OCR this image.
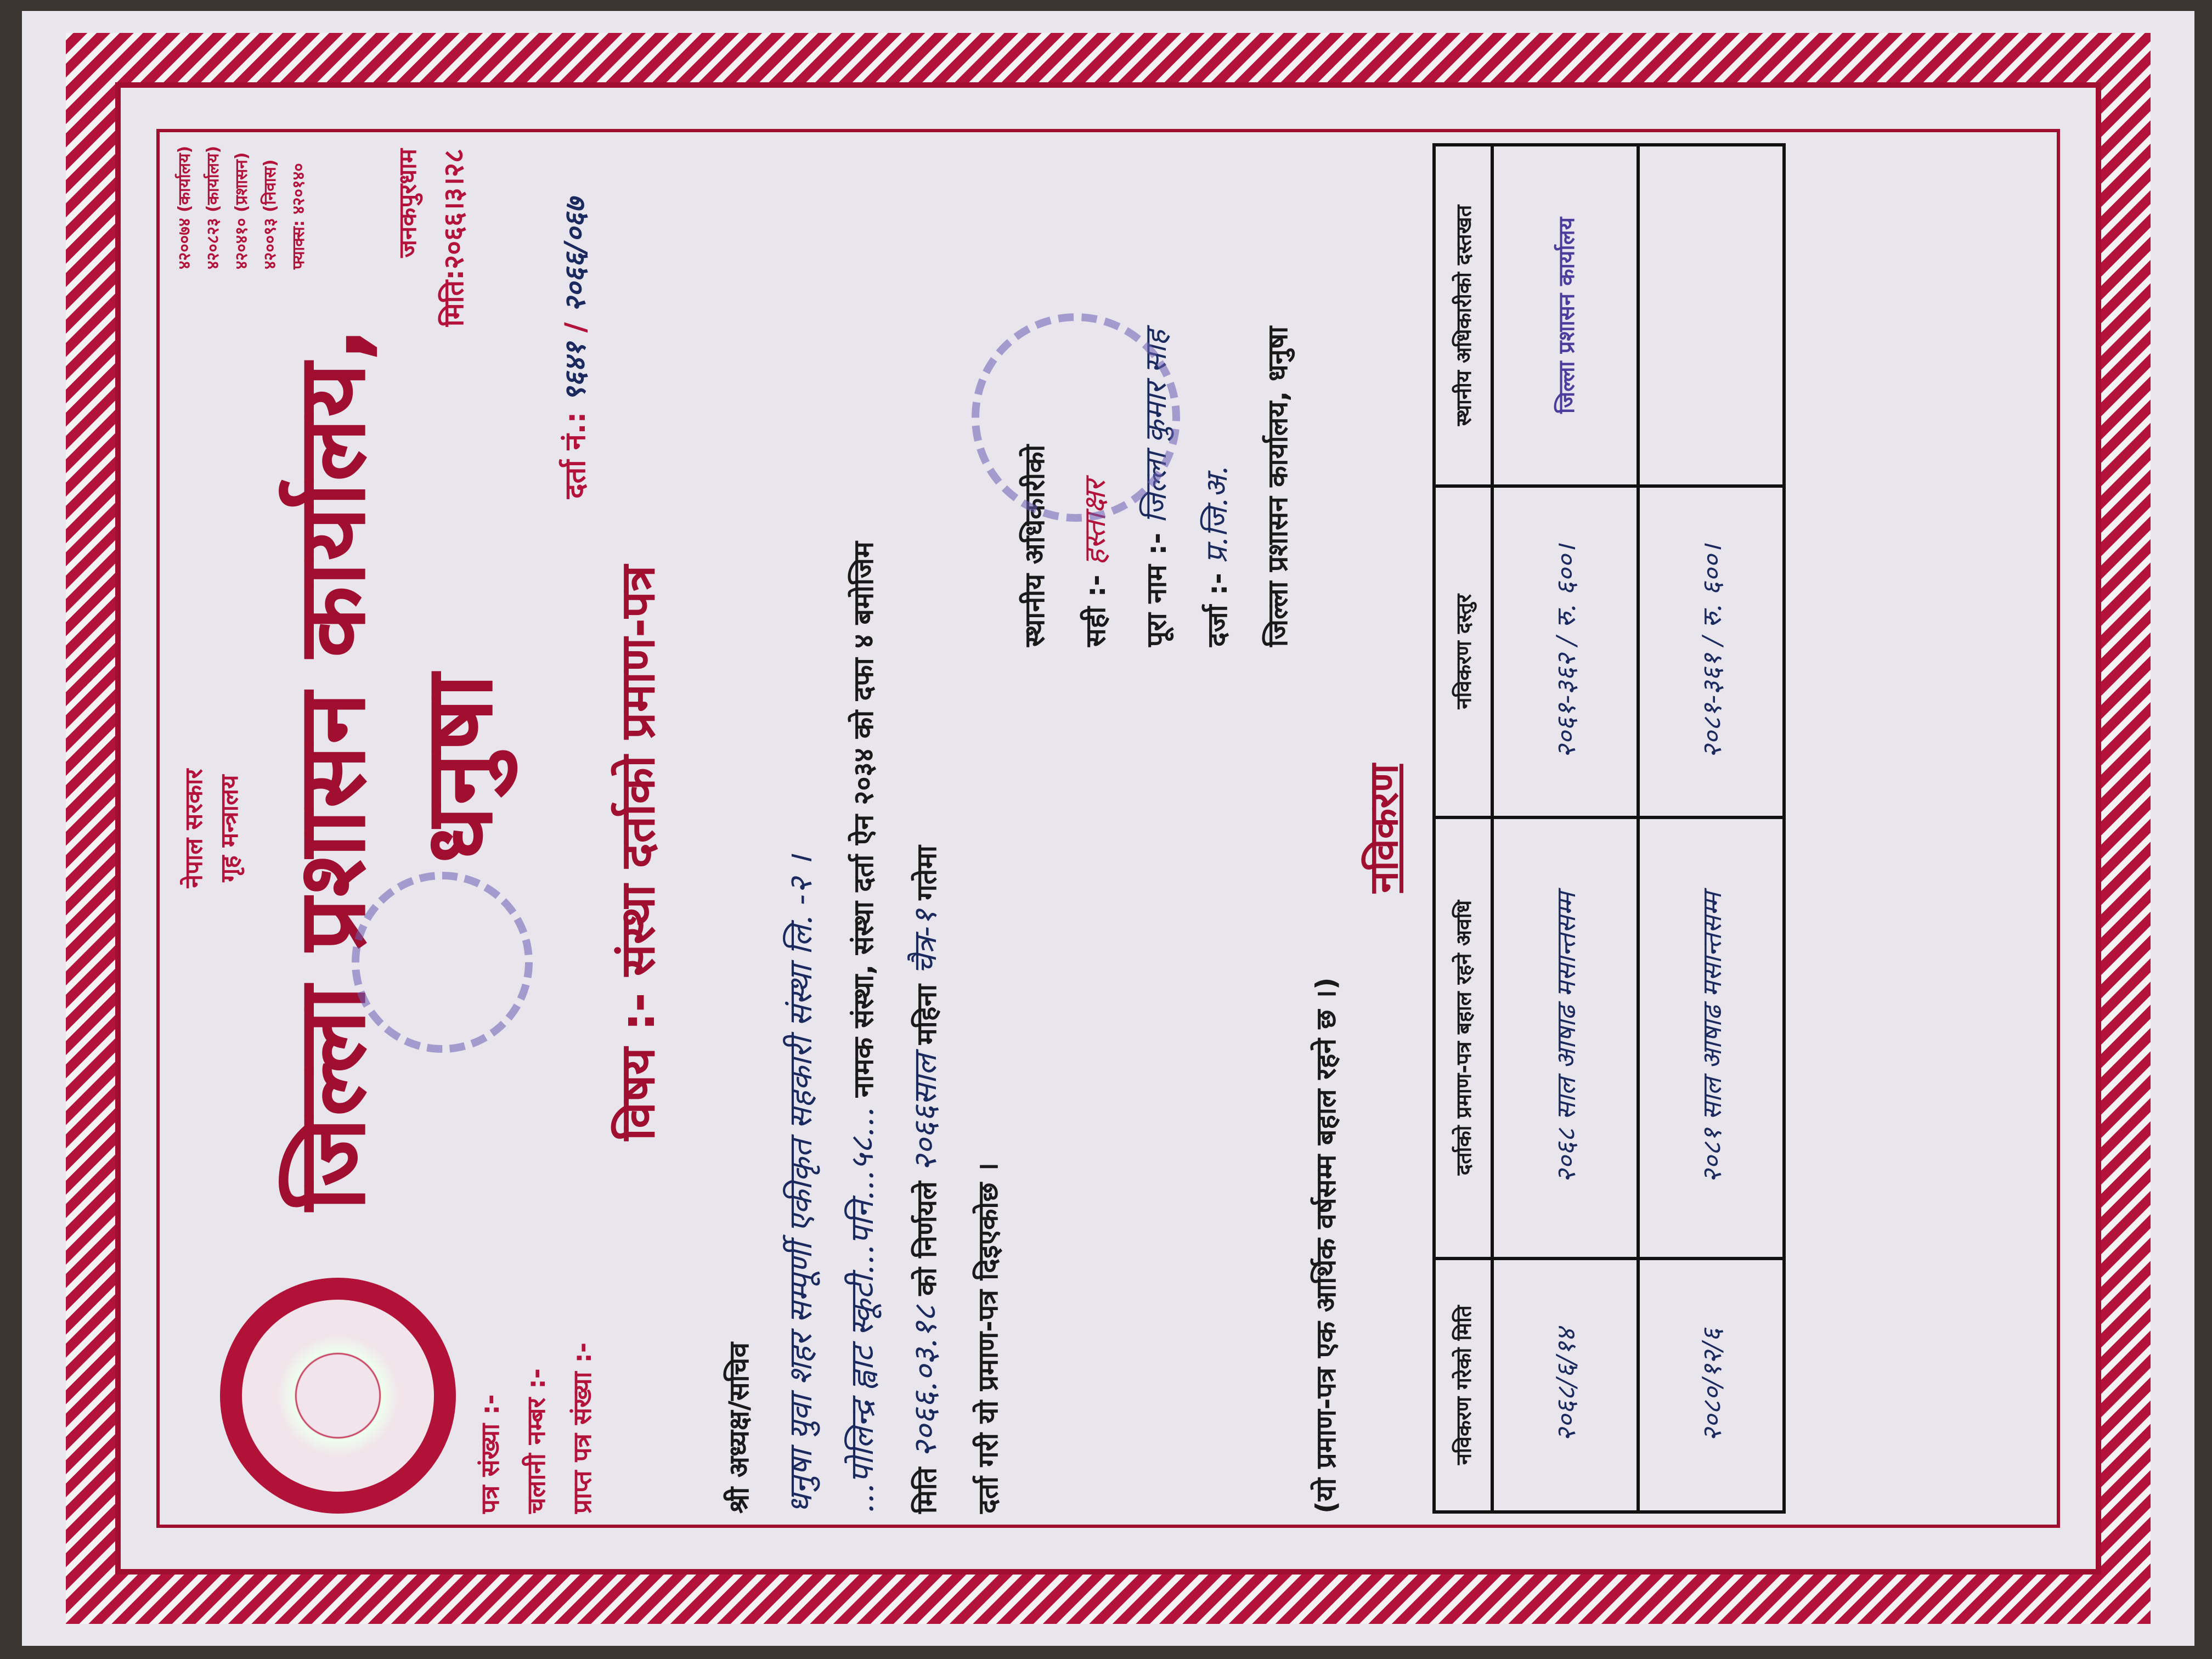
नेपाल सरकार गृह मन्त्रालय जिल्ला प्रशासन कार्यालय, धनुषा
४२००७४ (कार्यालय) ४२०८२३ (कार्यालय) ४२०४१० (प्रशासन) ४२००९३ (निवास) फ्याक्स: ४२०१४०	जनकपुरधाम
मिति:२०६६।३।२८
पत्र संख्या :- चलानी नम्बर :- प्राप्त पत्र संख्या :-
दर्ता नं.: ९६४१ / २०६६/०६७
विषय :- संस्था दर्ताको प्रमाण-पत्र
श्री अध्यक्ष/सचिव धनुषा युवा शहर सम्पूर्णी एकीकृत सहकारी संस्था लि. -२ । ...पोलिन्द्र ह्वाट स्कूटी...पनि...५८... नामक संस्था, संस्था दर्ता ऐन २०३४ को दफा ४ बमोजिम
मिति २०६६.०३.१८ को निर्णयले २०६६साल महिना चैत्र-१ गतेमा
दर्ता गरी यो प्रमाण-पत्र दिइएकोछ ।
स्थानीय अधिकारीको	सही :- हस्ताक्षर
पूरा नाम :- जिल्ला कुमार साह
दर्जा :- प्र.जि.अ.	जिल्ला प्रशासन कार्यालय, धनुषा
(यो प्रमाण-पत्र एक आर्थिक वर्षसम्म बहाल रहने छ ।)
नविकरण
नविकरण गरेको मिति	दर्ताको प्रमाण-पत्र बहाल रहने अवधि	नविकरण दस्तुर	स्थानीय अधिकारीको दस्तखत
२०६८/६/१४	२०६८ साल आषाढ मसान्तसम्म	२०६१-३६२ / रु. ६००।	जिल्ला प्रशासन कार्यालय

२०८०/१२/६	२०८१ साल आषाढ मसान्तसम्म	२०८१-३६१ / रु. ६००।	
